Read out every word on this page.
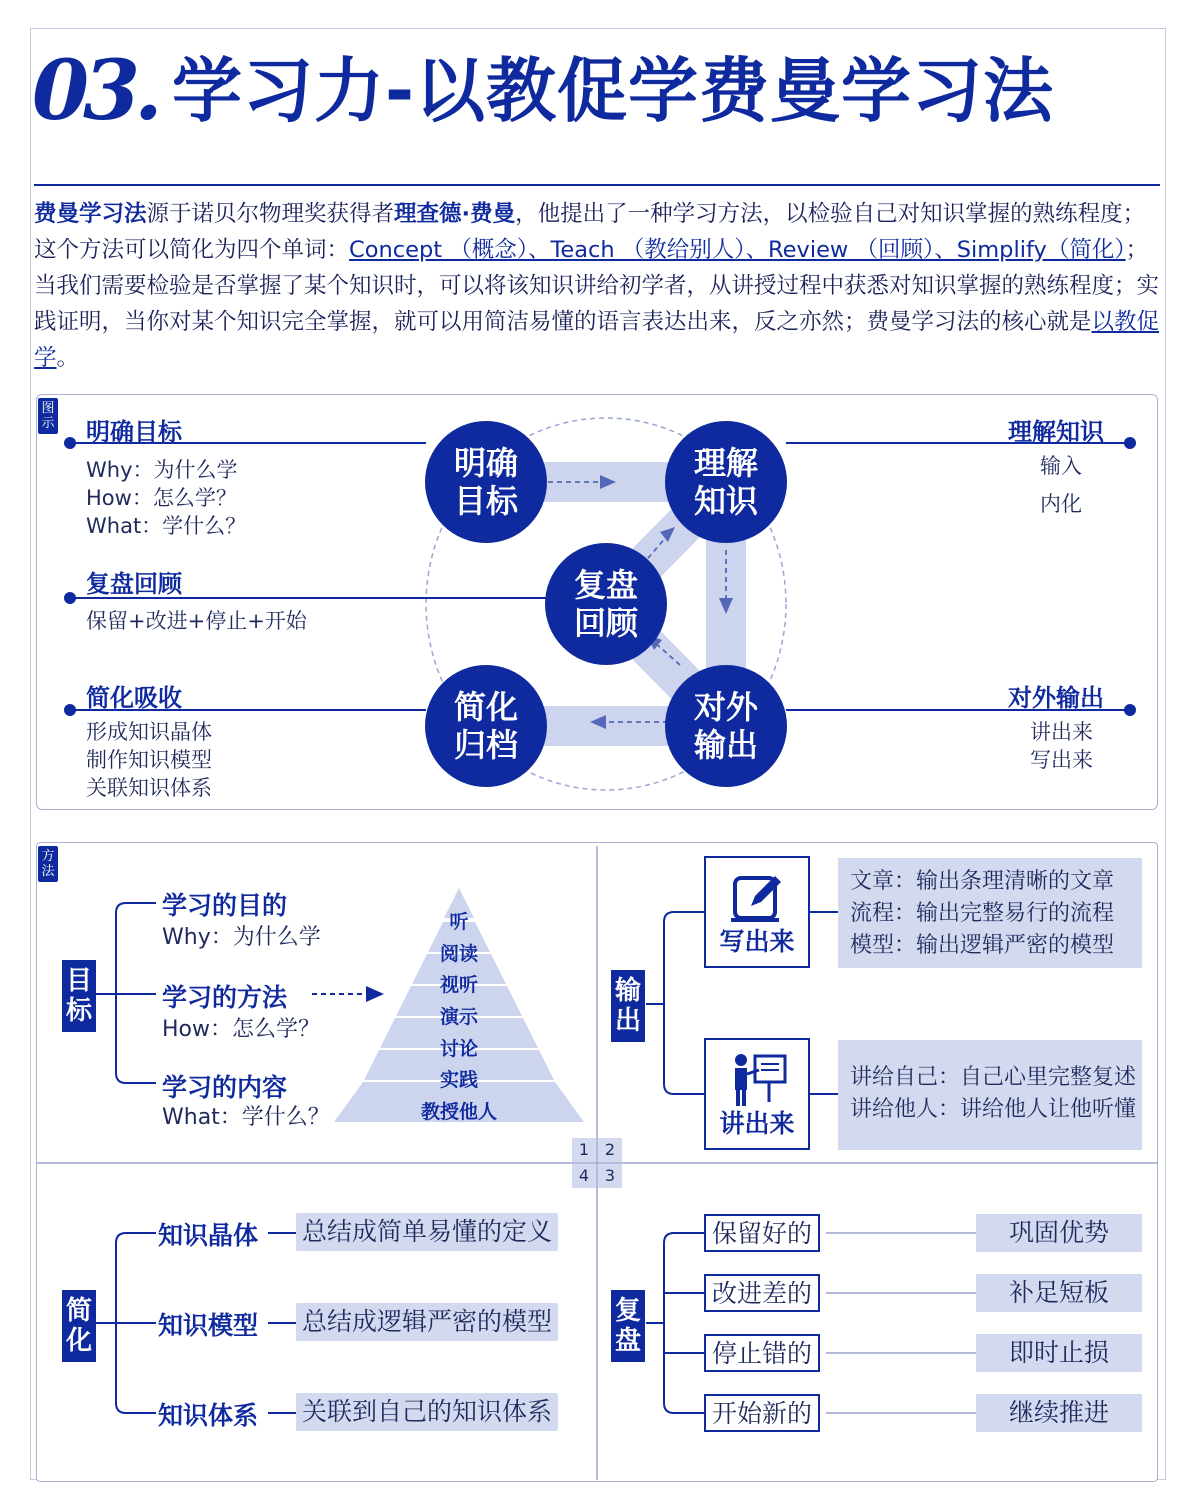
03. 学习力-以教促学费曼学习法
费曼学习法源于诺贝尔物理奖获得者理查德·费曼，他提出了一种学习方法，以检验自己对知识掌握的熟练程度；这个方法可以简化为四个单词：Concept （概念）、Teach （教给别人）、Review （回顾）、Simplify（简化）；当我们需要检验是否掌握了某个知识时，可以将该知识讲给初学者，从讲授过程中获悉对知识掌握的熟练程度；实践证明，当你对某个知识完全掌握，就可以用简洁易懂的语言表达出来，反之亦然；费曼学习法的核心就是以教促学。
图示 明确目标
Why：为什么学
How：怎么学？
What：学什么？
复盘回顾
保留+改进+停止+开始
简化吸收
形成知识晶体
制作知识模型
关联知识体系
理解知识
输入
内化
对外输出
讲出来
写出来
明确
目标
理解
知识
复盘
回顾
简化
归档
对外
输出
方法
目
标
学习的目的
Why：为什么学
学习的方法
How：怎么学？
学习的内容
What：学什么？
听
阅读
视听
演示
讨论
实践
教授他人
输
出
写出来
文章：输出条理清晰的文章
流程：输出完整易行的流程
模型：输出逻辑严密的模型
讲出来
讲给自己：自己心里完整复述
讲给他人：讲给他人让他听懂
1 2
4 3
简
化
知识晶体 总结成简单易懂的定义
知识模型 总结成逻辑严密的模型
知识体系 关联到自己的知识体系
复
盘
保留好的	巩固优势
改进差的	补足短板
停止错的	即时止损
开始新的	继续推进
